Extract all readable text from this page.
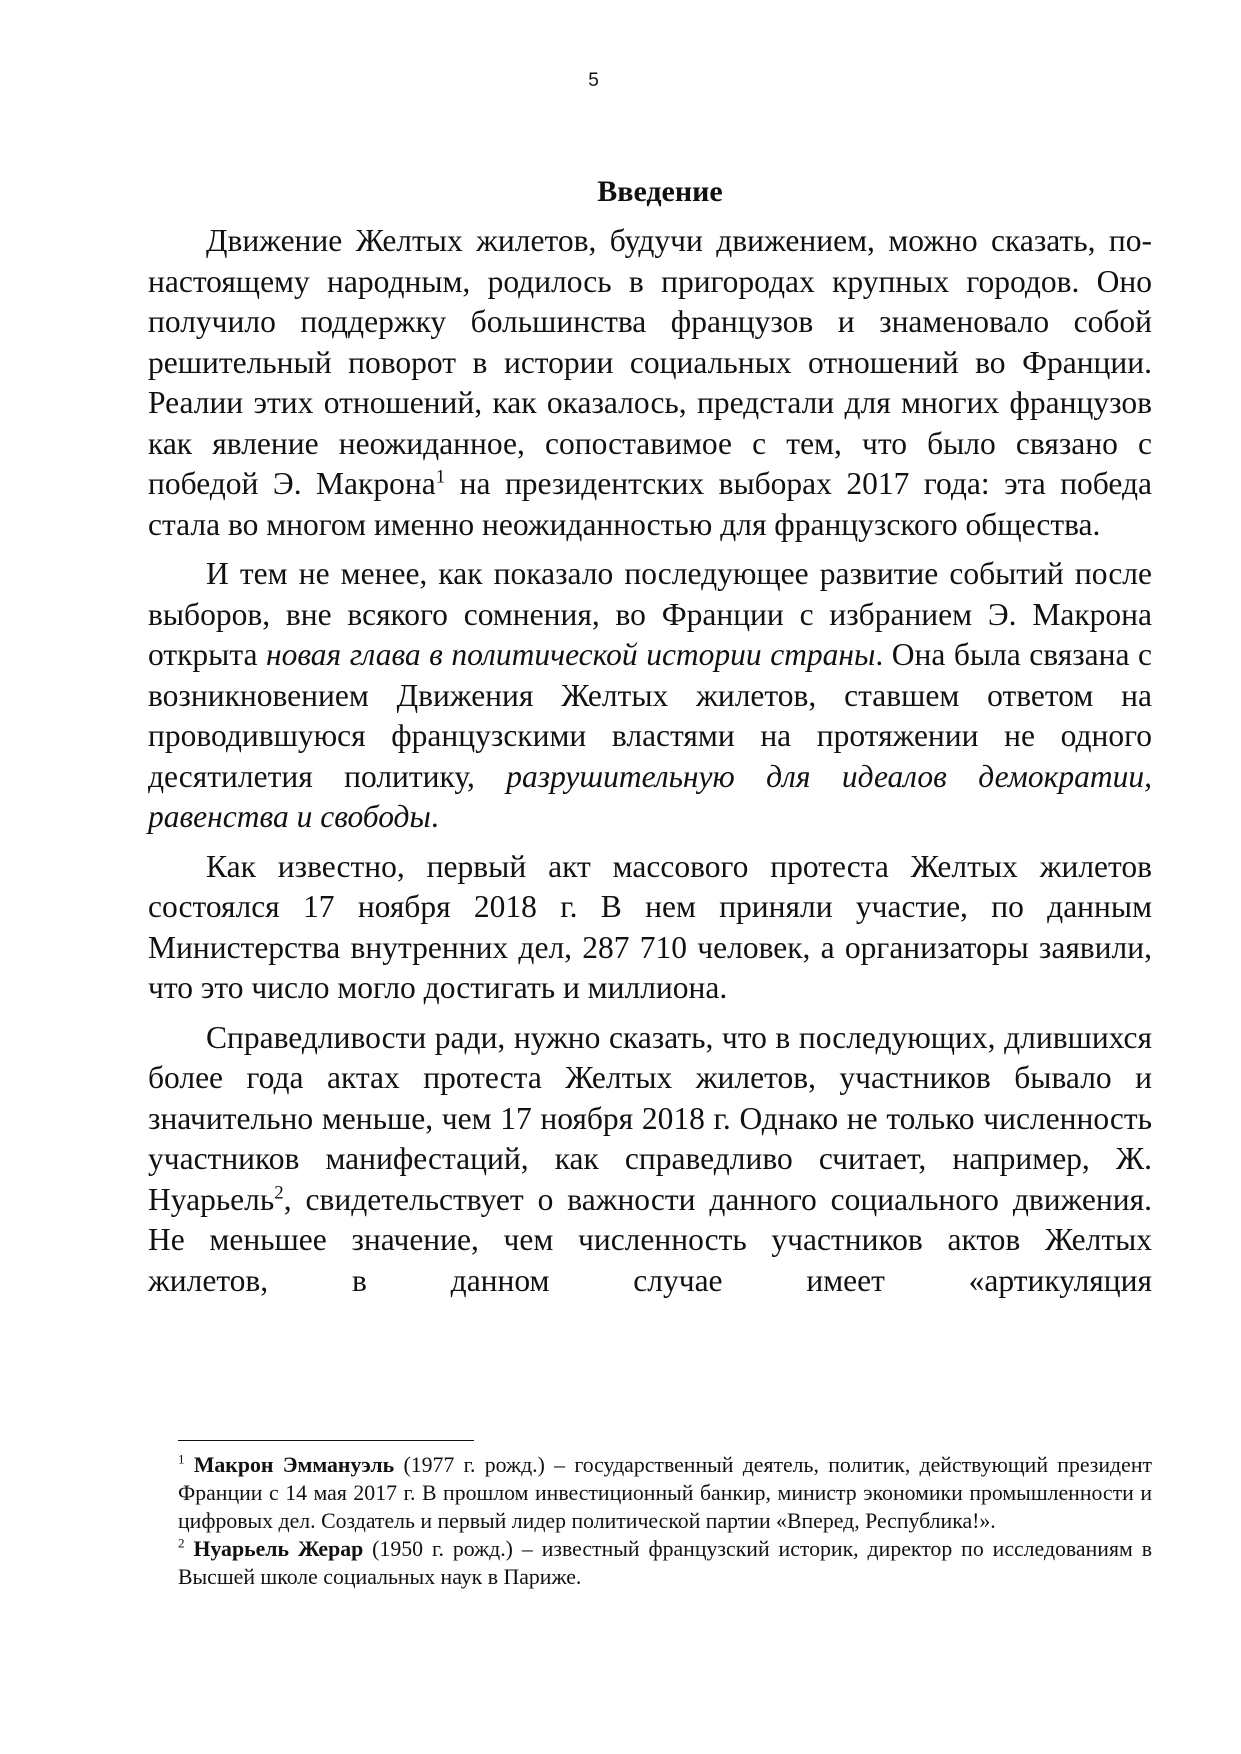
5
Введение

Движение Желтых жилетов, будучи движением, можно сказать, по-настоящему народным, родилось в пригородах крупных городов. Оно получило поддержку большинства французов и знаменовало собой решительный поворот в истории социальных отношений во Франции. Реалии этих отношений, как оказалось, предстали для многих французов как явление неожиданное, сопоставимое с тем, что было связано с победой Э. Макрона$^1$ на президентских выборах 2017 года: эта победа стала во многом именно неожиданностью для французского общества.

И тем не менее, как показало последующее развитие событий после выборов, вне всякого сомнения, во Франции с избранием Э. Макрона открыта новая глава в политической истории страны. Она была связана с возникновением Движения Желтых жилетов, ставшем ответом на проводившуюся французскими властями на протяжении не одного десятилетия политику, разрушительную для идеалов демократии, равенства и свободы.

Как известно, первый акт массового протеста Желтых жилетов состоялся 17 ноября 2018 г. В нем приняли участие, по данным Министерства внутренних дел, 287 710 человек, а организаторы заявили, что это число могло достигать и миллиона.

Справедливости ради, нужно сказать, что в последующих, длившихся более года актах протеста Желтых жилетов, участников бывало и значительно меньше, чем 17 ноября 2018 г. Однако не только численность участников манифестаций, как справедливо считает, например, Ж. Нуарьель$^2$, свидетельствует о важности данного социального движения. Не меньшее значение, чем численность участников актов Желтых жилетов, в данном случае имеет «артикуляция

$^1$ Макрон Эммануэль (1977 г. рожд.) – государственный деятель, политик, действующий президент Франции с 14 мая 2017 г. В прошлом инвестиционный банкир, министр экономики промышленности и цифровых дел. Создатель и первый лидер политической партии «Вперед, Республика!».

$^2$ Нуарьель Жерар (1950 г. рожд.) – известный французский историк, директор по исследованиям в Высшей школе социальных наук в Париже.
